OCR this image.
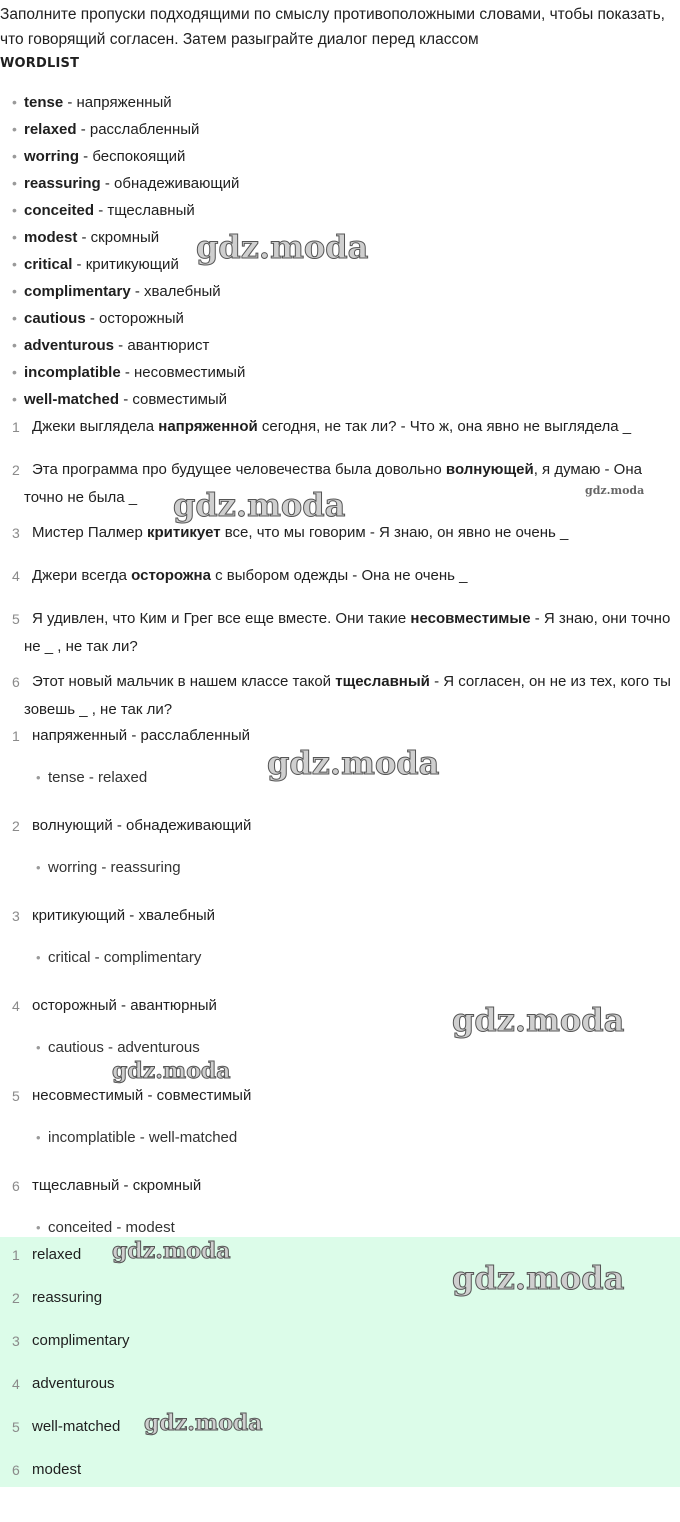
Заполните пропуски подходящими по смыслу противоположными словами, чтобы показать, что говорящий согласен. Затем разыграйте диалог перед классом
WORDLIST
• tense - напряженный
• relaxed - расслабленный
• worring - беспокоящий
• reassuring - обнадеживающий
• conceited - тщеславный
• modest - скромный
• critical - критикующий
• complimentary - хвалебный
• cautious - осторожный
• adventurous - авантюрист
• incomplatible - несовместимый
• well-matched - совместимый
1 Джеки выглядела напряженной сегодня, не так ли? - Что ж, она явно не выглядела _
2 Эта программа про будущее человечества была довольно волнующей, я думаю - Она точно не была _
3 Мистер Палмер критикует все, что мы говорим - Я знаю, он явно не очень _
4 Джери всегда осторожна с выбором одежды - Она не очень _
5 Я удивлен, что Ким и Грег все еще вместе. Они такие несовместимые - Я знаю, они точно не _ , не так ли?
6 Этот новый мальчик в нашем классе такой тщеславный - Я согласен, он не из тех, кого ты зовешь _ , не так ли?
1 напряженный - расслабленный
• tense - relaxed
2 волнующий - обнадеживающий
• worring - reassuring
3 критикующий - хвалебный
• critical - complimentary
4 осторожный - авантюрный
• cautious - adventurous
5 несовместимый - совместимый
• incomplatible - well-matched
6 тщеславный - скромный
• conceited - modest
1 relaxed
2 reassuring
3 complimentary
4 adventurous
5 well-matched
6 modest
gdz.moda
gdz.moda	gdz.moda
gdz.moda
gdz.moda
gdz.moda
gdz.moda
gdz.moda
gdz.moda
